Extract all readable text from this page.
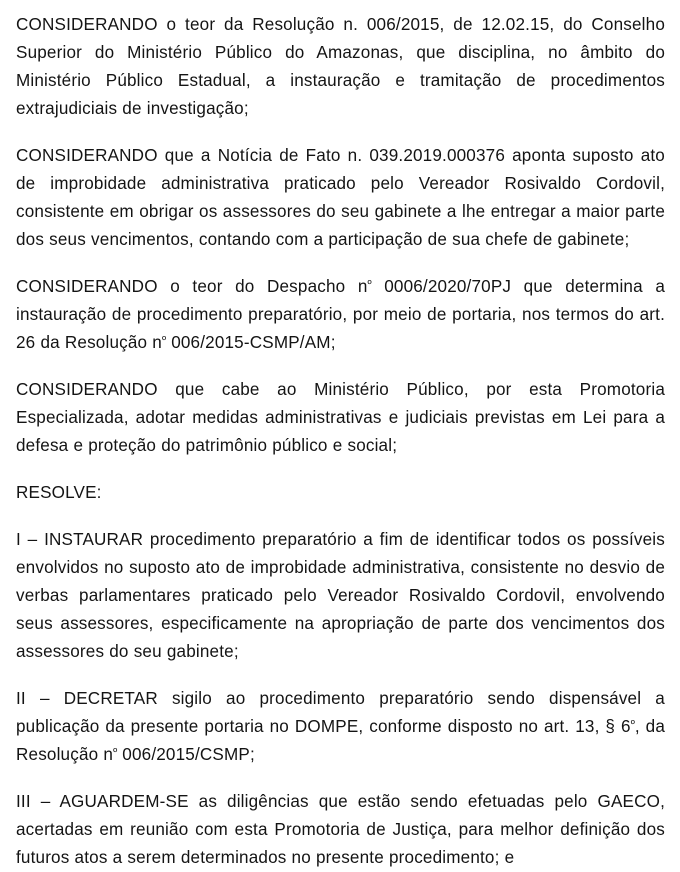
CONSIDERANDO o teor da Resolução n. 006/2015, de 12.02.15, do Conselho Superior do Ministério Público do Amazonas, que disciplina, no âmbito do Ministério Público Estadual, a instauração e tramitação de procedimentos extrajudiciais de investigação;

CONSIDERANDO que a Notícia de Fato n. 039.2019.000376 aponta suposto ato de improbidade administrativa praticado pelo Vereador Rosivaldo Cordovil, consistente em obrigar os assessores do seu gabinete a lhe entregar a maior parte dos seus vencimentos, contando com a participação de sua chefe de gabinete;

CONSIDERANDO o teor do Despacho $n^º$ 0006/2020/70PJ que determina a instauração de procedimento preparatório, por meio de portaria, nos termos do art. 26 da Resolução $n^º$ 006/2015-CSMP/AM;

CONSIDERANDO que cabe ao Ministério Público, por esta Promotoria Especializada, adotar medidas administrativas e judiciais previstas em Lei para a defesa e proteção do patrimônio público e social;

RESOLVE:

I – INSTAURAR procedimento preparatório a fim de identificar todos os possíveis envolvidos no suposto ato de improbidade administrativa, consistente no desvio de verbas parlamentares praticado pelo Vereador Rosivaldo Cordovil, envolvendo seus assessores, especificamente na apropriação de parte dos vencimentos dos assessores do seu gabinete;

II – DECRETAR sigilo ao procedimento preparatório sendo dispensável a publicação da presente portaria no DOMPE, conforme disposto no art. 13, § $6^º$, da Resolução $n^º$ 006/2015/CSMP;

III – AGUARDEM-SE as diligências que estão sendo efetuadas pelo GAECO, acertadas em reunião com esta Promotoria de Justiça, para melhor definição dos futuros atos a serem determinados no presente procedimento; e
